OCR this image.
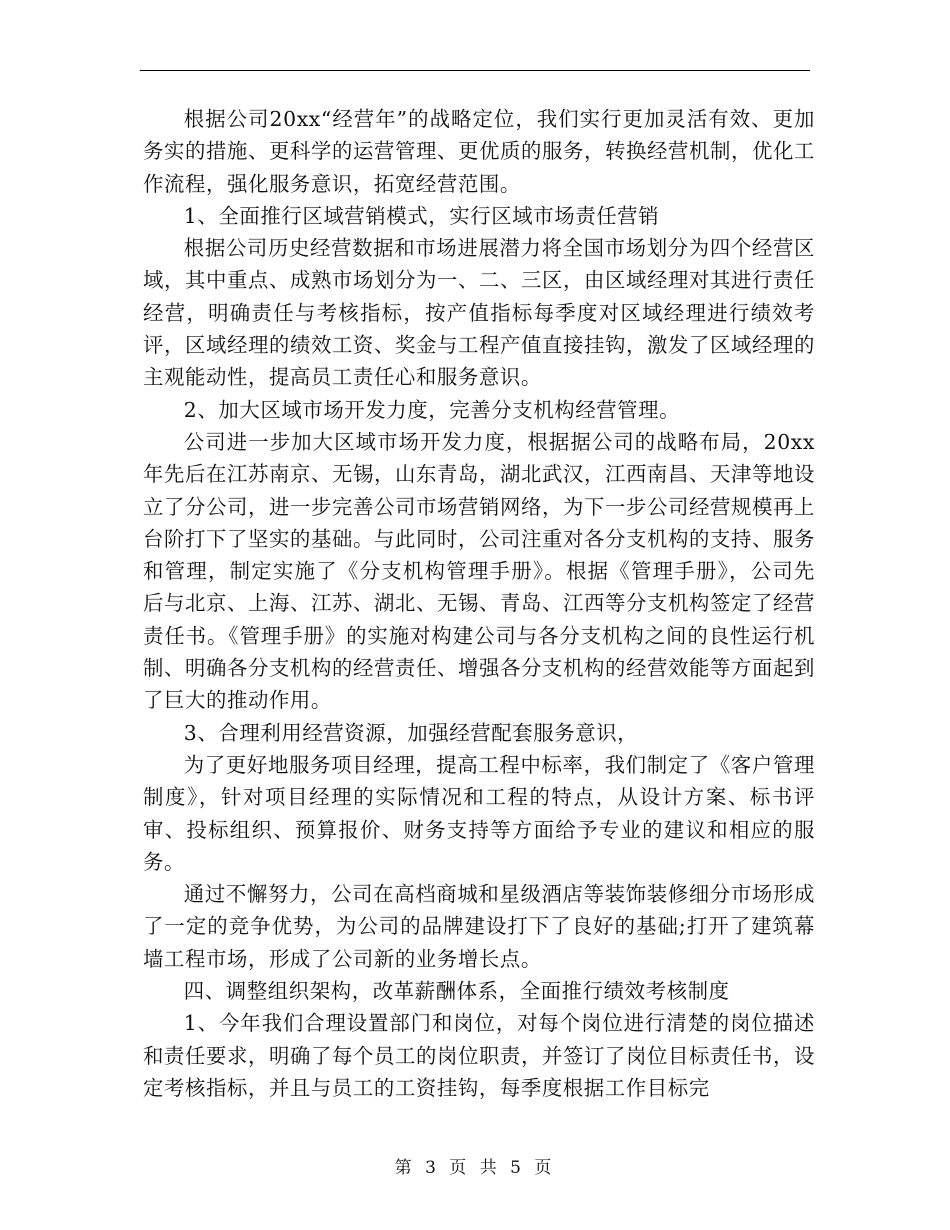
根据公司20xx“经营年”的战略定位，我们实行更加灵活有效、更加务实的措施、更科学的运营管理、更优质的服务，转换经营机制，优化工作流程，强化服务意识，拓宽经营范围。

1、全面推行区域营销模式，实行区域市场责任营销

根据公司历史经营数据和市场进展潜力将全国市场划分为四个经营区域，其中重点、成熟市场划分为一、二、三区，由区域经理对其进行责任经营，明确责任与考核指标，按产值指标每季度对区域经理进行绩效考评，区域经理的绩效工资、奖金与工程产值直接挂钩，激发了区域经理的主观能动性，提高员工责任心和服务意识。

2、加大区域市场开发力度，完善分支机构经营管理。

公司进一步加大区域市场开发力度，根据据公司的战略布局，20xx年先后在江苏南京、无锡，山东青岛，湖北武汉，江西南昌、天津等地设立了分公司，进一步完善公司市场营销网络，为下一步公司经营规模再上台阶打下了坚实的基础。与此同时，公司注重对各分支机构的支持、服务和管理，制定实施了《分支机构管理手册》。根据《管理手册》，公司先后与北京、上海、江苏、湖北、无锡、青岛、江西等分支机构签定了经营责任书。《管理手册》的实施对构建公司与各分支机构之间的良性运行机制、明确各分支机构的经营责任、增强各分支机构的经营效能等方面起到了巨大的推动作用。

3、合理利用经营资源，加强经营配套服务意识，

为了更好地服务项目经理，提高工程中标率，我们制定了《客户管理制度》，针对项目经理的实际情况和工程的特点，从设计方案、标书评审、投标组织、预算报价、财务支持等方面给予专业的建议和相应的服务。

通过不懈努力，公司在高档商城和星级酒店等装饰装修细分市场形成了一定的竞争优势，为公司的品牌建设打下了良好的基础;打开了建筑幕墙工程市场，形成了公司新的业务增长点。

四、调整组织架构，改革薪酬体系，全面推行绩效考核制度

1、今年我们合理设置部门和岗位，对每个岗位进行清楚的岗位描述和责任要求，明确了每个员工的岗位职责，并签订了岗位目标责任书，设定考核指标，并且与员工的工资挂钩，每季度根据工作目标完

第 3 页 共 5 页
